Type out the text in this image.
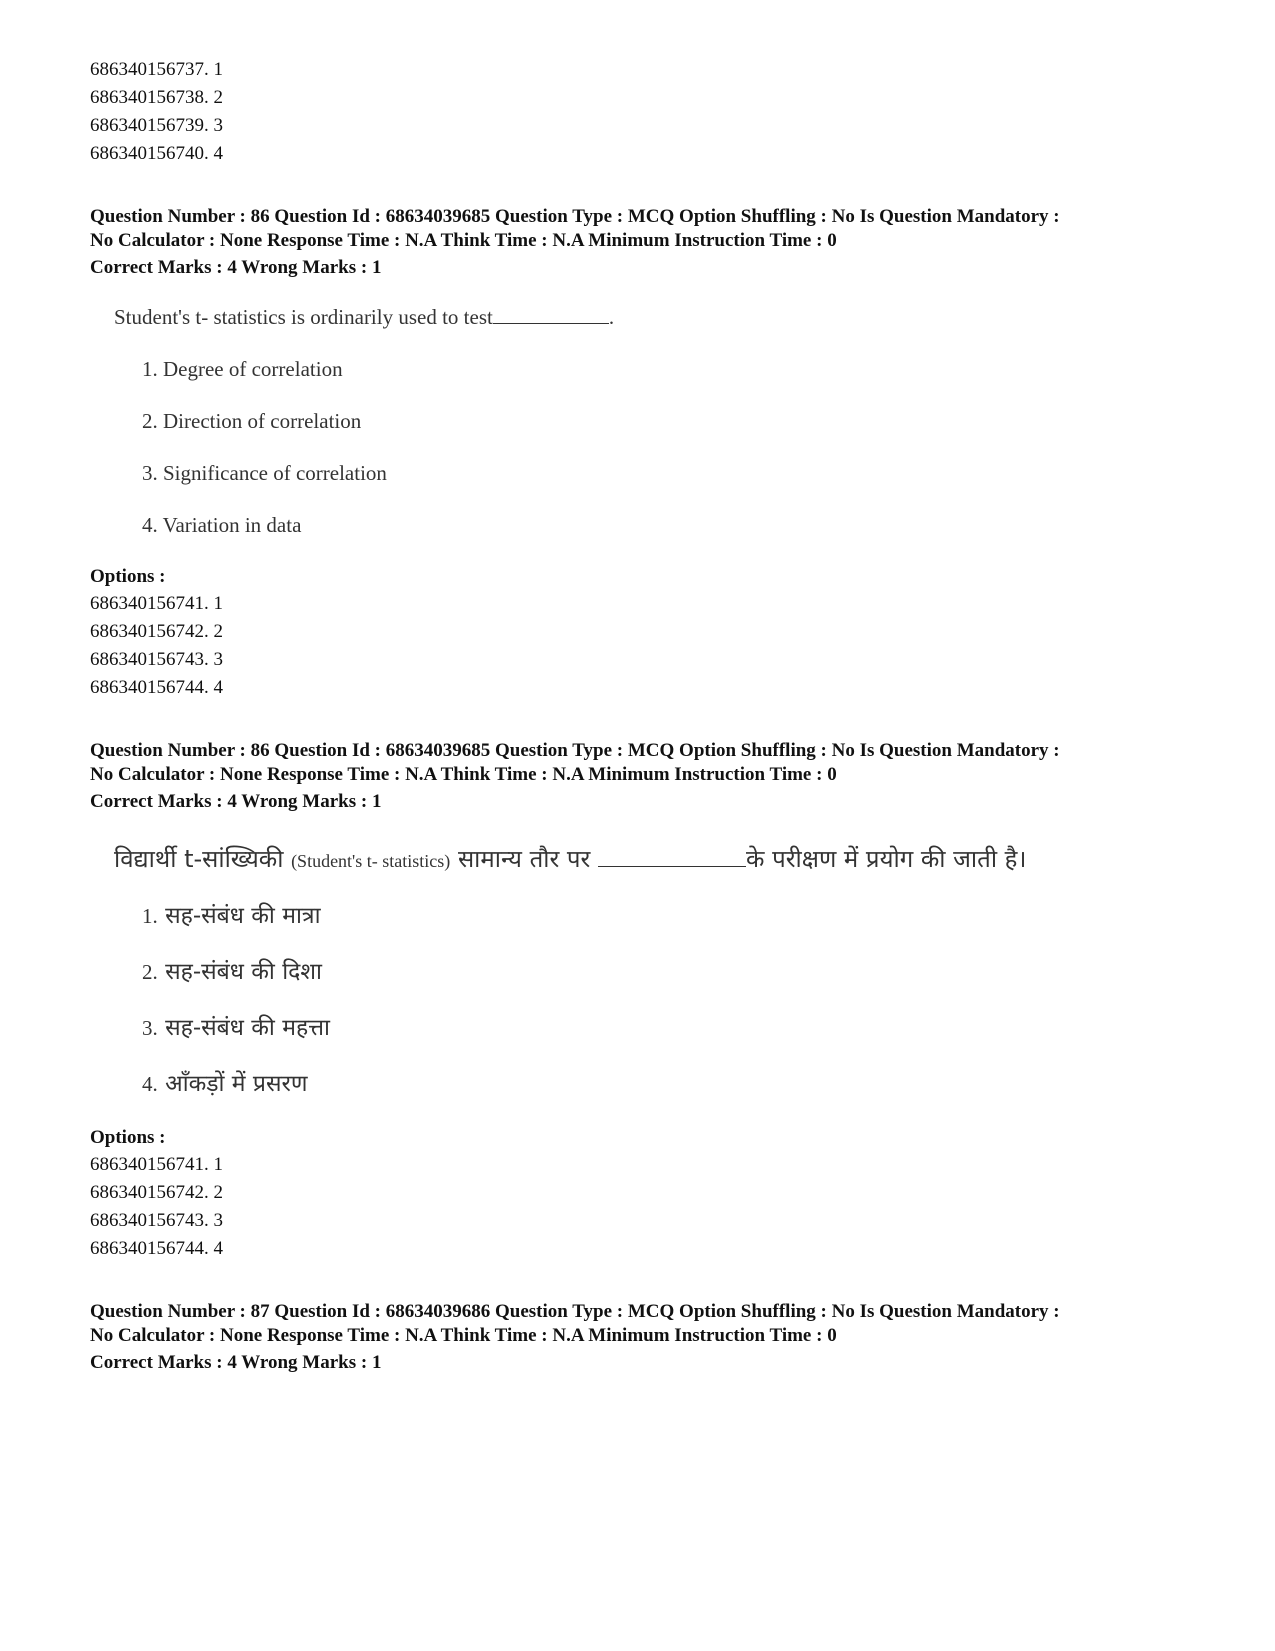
686340156737. 1
686340156738. 2
686340156739. 3
686340156740. 4
Question Number : 86 Question Id : 68634039685 Question Type : MCQ Option Shuffling : No Is Question Mandatory :
No Calculator : None Response Time : N.A Think Time : N.A Minimum Instruction Time : 0
Correct Marks : 4 Wrong Marks : 1
Student's t- statistics is ordinarily used to test	.
1. Degree of correlation
2. Direction of correlation
3. Significance of correlation
4. Variation in data
Options :
686340156741. 1
686340156742. 2
686340156743. 3
686340156744. 4
Question Number : 86 Question Id : 68634039685 Question Type : MCQ Option Shuffling : No Is Question Mandatory :
No Calculator : None Response Time : N.A Think Time : N.A Minimum Instruction Time : 0
Correct Marks : 4 Wrong Marks : 1
विद्यार्थी t-सांख्यिकी (Student's t- statistics) सामान्य तौर पर	के परीक्षण में प्रयोग की जाती है।
1. सह-संबंध की मात्रा
2. सह-संबंध की दिशा
3. सह-संबंध की महत्ता
4. आँकड़ों में प्रसरण
Options :
686340156741. 1
686340156742. 2
686340156743. 3
686340156744. 4
Question Number : 87 Question Id : 68634039686 Question Type : MCQ Option Shuffling : No Is Question Mandatory :
No Calculator : None Response Time : N.A Think Time : N.A Minimum Instruction Time : 0
Correct Marks : 4 Wrong Marks : 1
